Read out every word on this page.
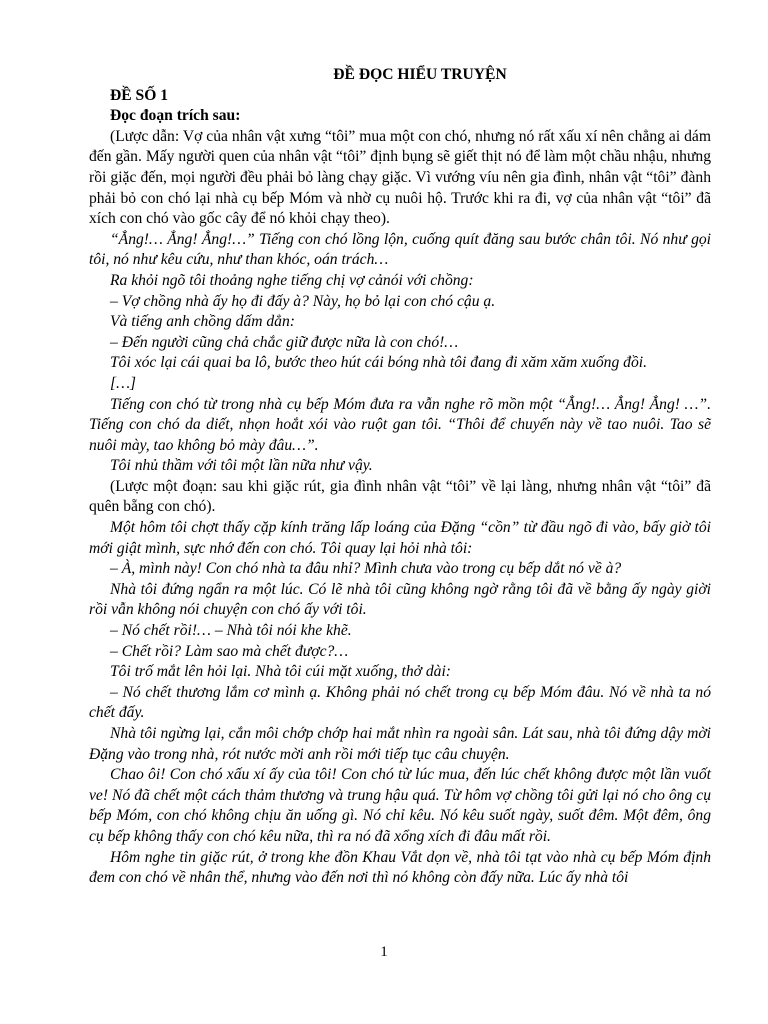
ĐỀ ĐỌC HIỂU TRUYỆN
ĐỀ SỐ 1
Đọc đoạn trích sau:
(Lược dẫn: Vợ của nhân vật xưng “tôi” mua một con chó, nhưng nó rất xấu xí nên chẳng ai dám đến gần. Mấy người quen của nhân vật “tôi” định bụng sẽ giết thịt nó để làm một chầu nhậu, nhưng rồi giặc đến, mọi người đều phải bỏ làng chạy giặc. Vì vướng víu nên gia đình, nhân vật “tôi” đành phải bỏ con chó lại nhà cụ bếp Móm và nhờ cụ nuôi hộ. Trước khi ra đi, vợ của nhân vật “tôi” đã xích con chó vào gốc cây để nó khỏi chạy theo).
“Ẳng!… Ẳng! Ẳng!…” Tiếng con chó lồng lộn, cuống quít đăng sau bước chân tôi. Nó như gọi tôi, nó như kêu cứu, như than khóc, oán trách…
Ra khỏi ngõ tôi thoảng nghe tiếng chị vợ cảnói với chồng:
– Vợ chồng nhà ấy họ đi đấy à? Này, họ bỏ lại con chó cậu ạ.
Và tiếng anh chồng dấm dẳn:
– Đến người cũng chả chắc giữ được nữa là con chó!…
Tôi xóc lại cái quai ba lô, bước theo hút cái bóng nhà tôi đang đi xăm xăm xuống đồi.
[…]
Tiếng con chó từ trong nhà cụ bếp Móm đưa ra vẫn nghe rõ mồn một “Ẳng!… Ẳng! Ẳng! …”. Tiếng con chó da diết, nhọn hoắt xói vào ruột gan tôi. “Thôi để chuyến này về tao nuôi. Tao sẽ nuôi mày, tao không bỏ mày đâu…”.
Tôi nhủ thầm với tôi một lần nữa như vậy.
(Lược một đoạn: sau khi giặc rút, gia đình nhân vật “tôi” về lại làng, nhưng nhân vật “tôi” đã quên bẵng con chó).
Một hôm tôi chợt thấy cặp kính trăng lấp loáng của Đặng “cồn” từ đầu ngõ đi vào, bấy giờ tôi mới giật mình, sực nhớ đến con chó. Tôi quay lại hỏi nhà tôi:
– À, mình này! Con chó nhà ta đâu nhỉ? Mình chưa vào trong cụ bếp dắt nó về à?
Nhà tôi đứng ngẩn ra một lúc. Có lẽ nhà tôi cũng không ngờ rằng tôi đã về bằng ấy ngày giời rồi vẫn không nói chuyện con chó ấy với tôi.
– Nó chết rồi!… – Nhà tôi nói khe khẽ.
– Chết rồi? Làm sao mà chết được?…
Tôi trố mắt lên hỏi lại. Nhà tôi cúi mặt xuống, thở dài:
– Nó chết thương lắm cơ mình ạ. Không phải nó chết trong cụ bếp Móm đâu. Nó về nhà ta nó chết đấy.
Nhà tôi ngừng lại, cắn môi chớp chớp hai mắt nhìn ra ngoài sân. Lát sau, nhà tôi đứng dậy mời Đặng vào trong nhà, rót nước mời anh rồi mới tiếp tục câu chuyện.
Chao ôi! Con chó xấu xí ấy của tôi! Con chó từ lúc mua, đến lúc chết không được một lần vuốt ve! Nó đã chết một cách thảm thương và trung hậu quá. Từ hôm vợ chồng tôi gửi lại nó cho ông cụ bếp Móm, con chó không chịu ăn uống gì. Nó chỉ kêu. Nó kêu suốt ngày, suốt đêm. Một đêm, ông cụ bếp không thấy con chó kêu nữa, thì ra nó đã xổng xích đi đâu mất rồi.
Hôm nghe tin giặc rút, ở trong khe đồn Khau Vắt dọn về, nhà tôi tạt vào nhà cụ bếp Móm định đem con chó về nhân thể, nhưng vào đến nơi thì nó không còn đấy nữa. Lúc ấy nhà tôi
1
